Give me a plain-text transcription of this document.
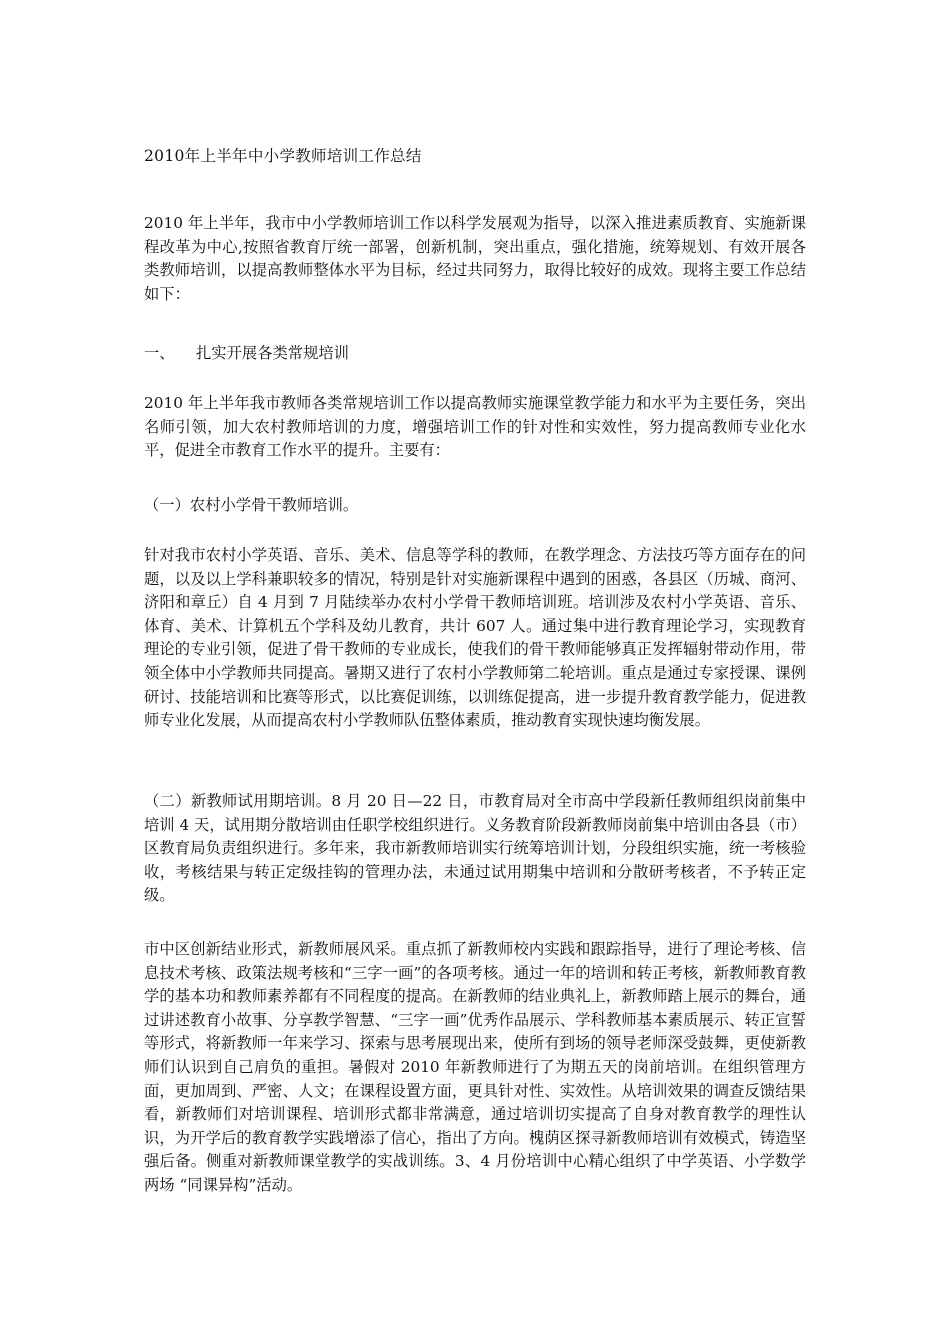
2010年上半年中小学教师培训工作总结
2010 年上半年，我市中小学教师培训工作以科学发展观为指导，以深入推进素质教育、实施新课程改革为中心,按照省教育厅统一部署，创新机制，突出重点，强化措施，统筹规划、有效开展各类教师培训，以提高教师整体水平为目标，经过共同努力，取得比较好的成效。现将主要工作总结如下：
一、 扎实开展各类常规培训
2010 年上半年我市教师各类常规培训工作以提高教师实施课堂教学能力和水平为主要任务，突出名师引领，加大农村教师培训的力度，增强培训工作的针对性和实效性，努力提高教师专业化水平，促进全市教育工作水平的提升。主要有：
（一）农村小学骨干教师培训。
针对我市农村小学英语、音乐、美术、信息等学科的教师，在教学理念、方法技巧等方面存在的问题，以及以上学科兼职较多的情况，特别是针对实施新课程中遇到的困惑，各县区（历城、商河、济阳和章丘）自 4 月到 7 月陆续举办农村小学骨干教师培训班。培训涉及农村小学英语、音乐、体育、美术、计算机五个学科及幼儿教育，共计 607 人。通过集中进行教育理论学习，实现教育理论的专业引领，促进了骨干教师的专业成长，使我们的骨干教师能够真正发挥辐射带动作用，带领全体中小学教师共同提高。暑期又进行了农村小学教师第二轮培训。重点是通过专家授课、课例研讨、技能培训和比赛等形式，以比赛促训练，以训练促提高，进一步提升教育教学能力，促进教师专业化发展，从而提高农村小学教师队伍整体素质，推动教育实现快速均衡发展。
（二）新教师试用期培训。8 月 20 日—22 日，市教育局对全市高中学段新任教师组织岗前集中培训 4 天，试用期分散培训由任职学校组织进行。义务教育阶段新教师岗前集中培训由各县（市）区教育局负责组织进行。多年来，我市新教师培训实行统筹培训计划，分段组织实施，统一考核验收，考核结果与转正定级挂钩的管理办法，未通过试用期集中培训和分散研考核者，不予转正定级。
市中区创新结业形式，新教师展风采。重点抓了新教师校内实践和跟踪指导，进行了理论考核、信息技术考核、政策法规考核和“三字一画”的各项考核。通过一年的培训和转正考核，新教师教育教学的基本功和教师素养都有不同程度的提高。在新教师的结业典礼上，新教师踏上展示的舞台，通过讲述教育小故事、分享教学智慧、“三字一画”优秀作品展示、学科教师基本素质展示、转正宣誓等形式，将新教师一年来学习、探索与思考展现出来，使所有到场的领导老师深受鼓舞，更使新教师们认识到自己肩负的重担。暑假对 2010 年新教师进行了为期五天的岗前培训。在组织管理方面，更加周到、严密、人文；在课程设置方面，更具针对性、实效性。从培训效果的调查反馈结果看，新教师们对培训课程、培训形式都非常满意，通过培训切实提高了自身对教育教学的理性认识，为开学后的教育教学实践增添了信心，指出了方向。槐荫区探寻新教师培训有效模式，铸造坚强后备。侧重对新教师课堂教学的实战训练。3、4 月份培训中心精心组织了中学英语、小学数学两场 “同课异构”活动。
